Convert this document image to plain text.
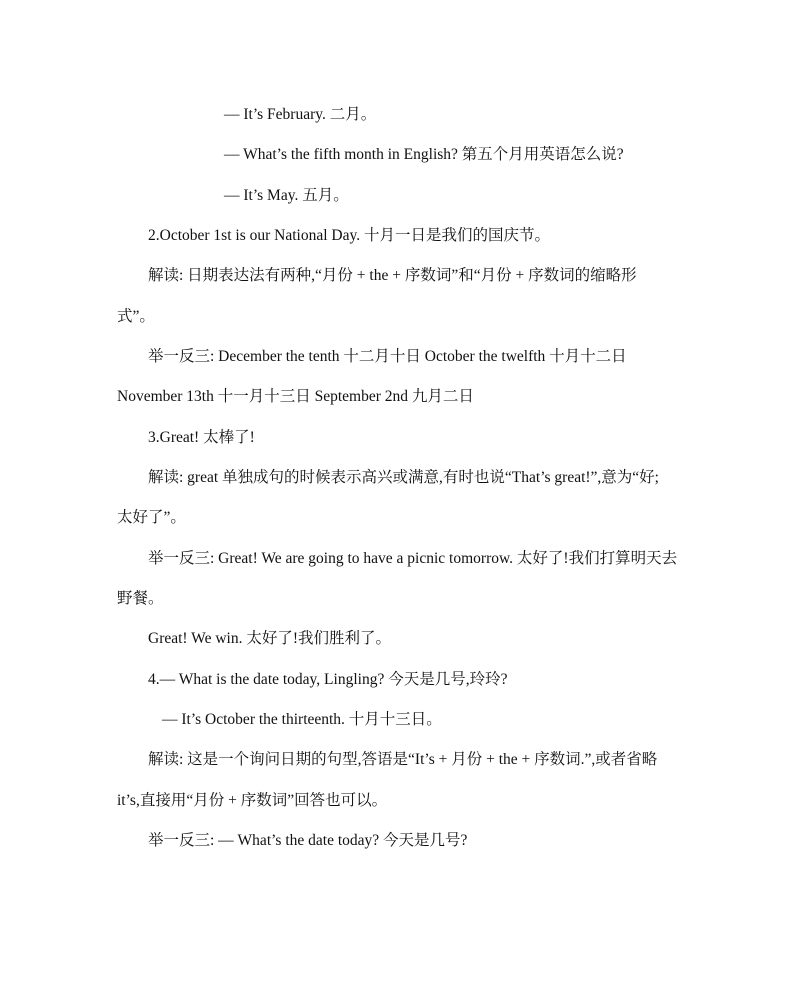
— It’s February. 二月。
— What’s the fifth month in English? 第五个月用英语怎么说?
— It’s May. 五月。
2.October 1st is our National Day. 十月一日是我们的国庆节。
解读: 日期表达法有两种,“月份 + the + 序数词”和“月份 + 序数词的缩略形
式”。
举一反三: December the tenth 十二月十日 October the twelfth 十月十二日
November 13th 十一月十三日 September 2nd 九月二日
3.Great! 太棒了!
解读: great 单独成句的时候表示高兴或满意,有时也说“That’s great!”,意为“好;
太好了”。
举一反三: Great! We are going to have a picnic tomorrow. 太好了!我们打算明天去
野餐。
Great! We win. 太好了!我们胜利了。
4.— What is the date today, Lingling? 今天是几号,玲玲?
— It’s October the thirteenth. 十月十三日。
解读: 这是一个询问日期的句型,答语是“It’s + 月份 + the + 序数词.”,或者省略
it’s,直接用“月份 + 序数词”回答也可以。
举一反三: — What’s the date today? 今天是几号?
